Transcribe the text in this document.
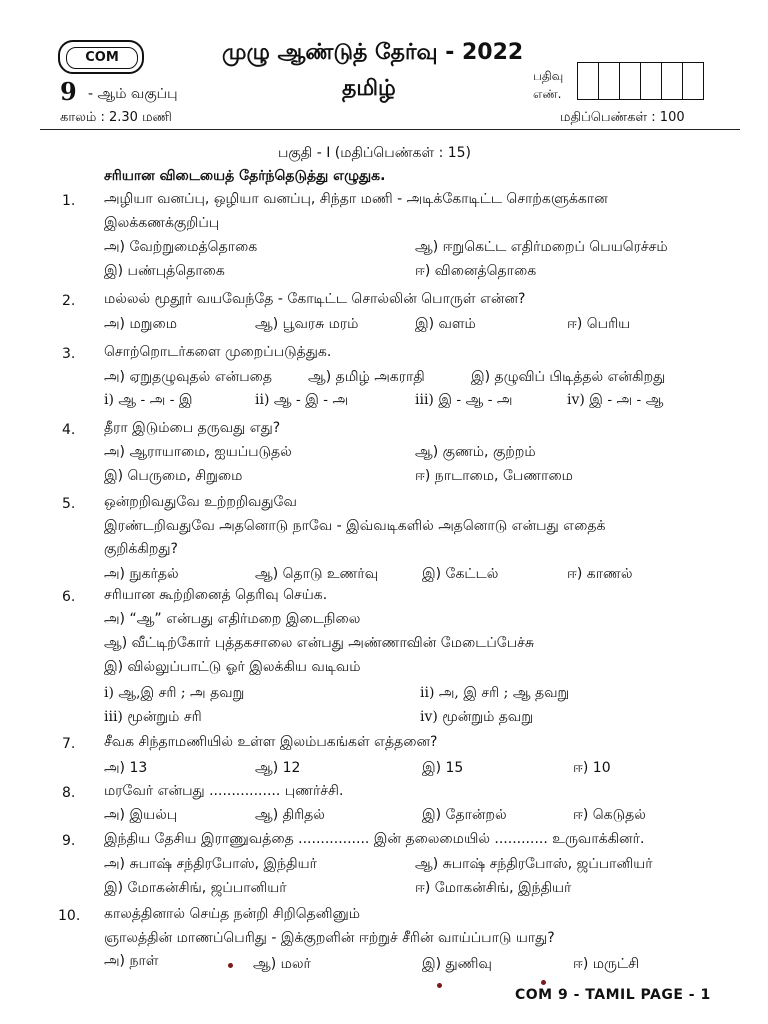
COM	முழு ஆண்டுத் தேர்வு - 2022
9 - ஆம் வகுப்பு	தமிழ்	பதிவு
எண்.
காலம் : 2.30 மணி	மதிப்பெண்கள் : 100
பகுதி - I (மதிப்பெண்கள் : 15)
சரியான விடையைத் தேர்ந்தெடுத்து எழுதுக.
1. அழியா வனப்பு, ஒழியா வனப்பு, சிந்தா மணி - அடிக்கோடிட்ட சொற்களுக்கான
இலக்கணக்குறிப்பு
அ) வேற்றுமைத்தொகை	ஆ) ஈறுகெட்ட எதிர்மறைப் பெயரெச்சம்
இ) பண்புத்தொகை	ஈ) வினைத்தொகை
2. மல்லல் மூதூர் வயவேந்தே - கோடிட்ட சொல்லின் பொருள் என்ன?
அ) மறுமை	ஆ) பூவரசு மரம்	இ) வளம்	ஈ) பெரிய
3. சொற்றொடர்களை முறைப்படுத்துக.
அ) ஏறுதழுவுதல் என்பதை	ஆ) தமிழ் அகராதி	இ) தழுவிப் பிடித்தல் என்கிறது
i) ஆ - அ - இ	ii) ஆ - இ - அ	iii) இ - ஆ - அ	iv) இ - அ - ஆ
4. தீரா இடும்பை தருவது எது?
அ) ஆராயாமை, ஐயப்படுதல்	ஆ) குணம், குற்றம்
இ) பெருமை, சிறுமை	ஈ) நாடாமை, பேணாமை
5. ஒன்றறிவதுவே உற்றறிவதுவே
இரண்டறிவதுவே அதனொடு நாவே - இவ்வடிகளில் அதனொடு என்பது எதைக்
குறிக்கிறது?
அ) நுகர்தல்	ஆ) தொடு உணர்வு	இ) கேட்டல்	ஈ) காணல்
6. சரியான கூற்றினைத் தெரிவு செய்க.
அ) “ஆ” என்பது எதிர்மறை இடைநிலை
ஆ) வீட்டிற்கோர் புத்தகசாலை என்பது அண்ணாவின் மேடைப்பேச்சு
இ) வில்லுப்பாட்டு ஓர் இலக்கிய வடிவம்
i) ஆ,இ சரி ; அ தவறு	ii) அ, இ சரி ; ஆ தவறு
iii) மூன்றும் சரி	iv) மூன்றும் தவறு
7. சீவக சிந்தாமணியில் உள்ள இலம்பகங்கள் எத்தனை?
அ) 13	ஆ) 12	இ) 15	ஈ) 10
8. மரவேர் என்பது ................ புணர்ச்சி.
அ) இயல்பு	ஆ) திரிதல்	இ) தோன்றல்	ஈ) கெடுதல்
9. இந்திய தேசிய இராணுவத்தை ................ இன் தலைமையில் ............ உருவாக்கினர்.
அ) சுபாஷ் சந்திரபோஸ், இந்தியர்	ஆ) சுபாஷ் சந்திரபோஸ், ஜப்பானியர்
இ) மோகன்சிங், ஜப்பானியர்	ஈ) மோகன்சிங், இந்தியர்
10. காலத்தினால் செய்த நன்றி சிறிதெனினும்
ஞாலத்தின் மாணப்பெரிது - இக்குறளின் ஈற்றுச் சீரின் வாய்ப்பாடு யாது?
அ) நாள்	ஆ) மலர்	இ) துணிவு	ஈ) மருட்சி
COM 9 - TAMIL PAGE - 1
